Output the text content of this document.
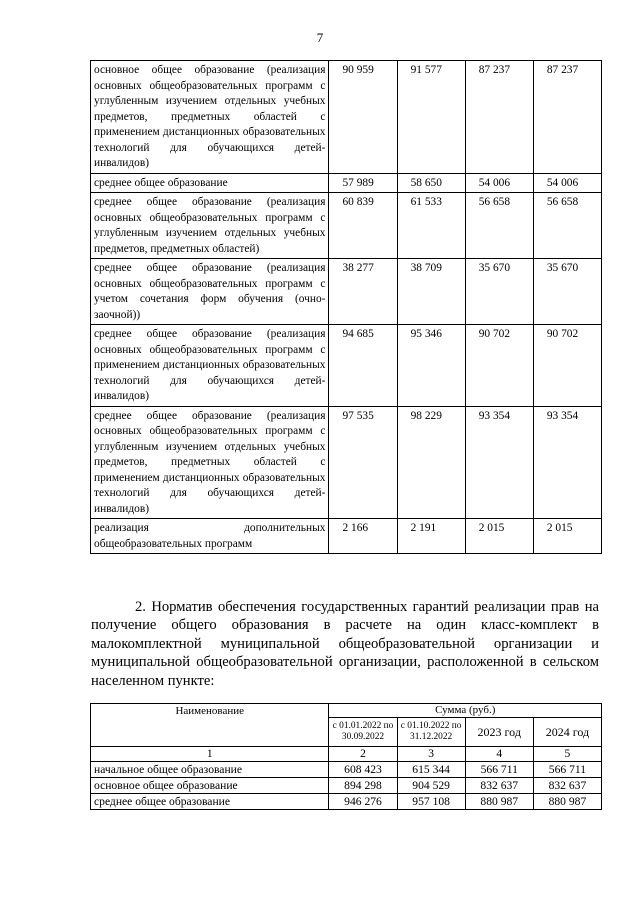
7
основное общее образование (реализация основных общеобразовательных программ с углубленным изучением отдельных учебных предметов, предметных областей с применением дистанционных образовательных технологий для обучающихся детей-инвалидов)	90 959	91 577	87 237	87 237
среднее общее образование	57 989	58 650	54 006	54 006
среднее общее образование (реализация основных общеобразовательных программ с углубленным изучением отдельных учебных предметов, предметных областей)	60 839	61 533	56 658	56 658
среднее общее образование (реализация основных общеобразовательных программ с учетом сочетания форм обучения (очно-заочной))	38 277	38 709	35 670	35 670
среднее общее образование (реализация основных общеобразовательных программ с применением дистанционных образовательных технологий для обучающихся детей-инвалидов)	94 685	95 346	90 702	90 702
среднее общее образование (реализация основных общеобразовательных программ с углубленным изучением отдельных учебных предметов, предметных областей с применением дистанционных образовательных технологий для обучающихся детей-инвалидов)	97 535	98 229	93 354	93 354
реализация дополнительных общеобразовательных программ	2 166	2 191	2 015	2 015

2. Норматив обеспечения государственных гарантий реализации прав на получение общего образования в расчете на один класс-комплект в малокомплектной муниципальной общеобразовательной организации и муниципальной общеобразовательной организации, расположенной в сельском населенном пункте:

Наименование	Сумма (руб.)			
	с 01.01.2022 по 30.09.2022	с 01.10.2022 по 31.12.2022	2023 год	2024 год
1	2	3	4	5
начальное общее образование	608 423	615 344	566 711	566 711
основное общее образование	894 298	904 529	832 637	832 637
среднее общее образование	946 276	957 108	880 987	880 987
